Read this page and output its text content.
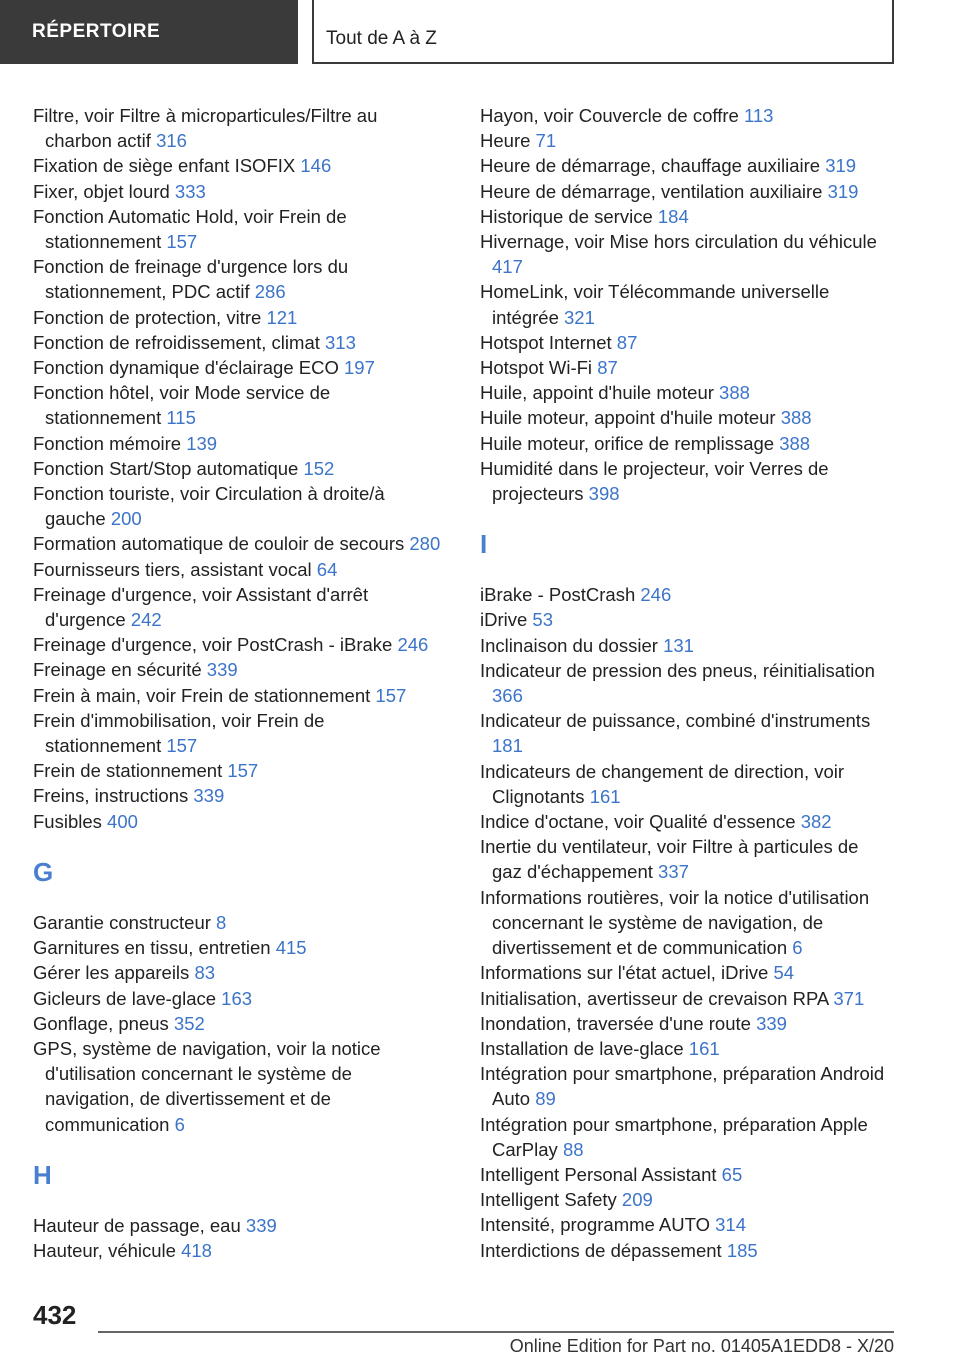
RÉPERTOIRE	Tout de A à Z

Filtre, voir Filtre à microparticules/Filtre au charbon actif 316

Fixation de siège enfant ISOFIX 146

Fixer, objet lourd 333

Fonction Automatic Hold, voir Frein de stationnement 157

Fonction de freinage d'urgence lors du stationnement, PDC actif 286

Fonction de protection, vitre 121

Fonction de refroidissement, climat 313

Fonction dynamique d'éclairage ECO 197

Fonction hôtel, voir Mode service de stationnement 115

Fonction mémoire 139

Fonction Start/Stop automatique 152

Fonction touriste, voir Circulation à droite/à gauche 200

Formation automatique de couloir de secours 280

Fournisseurs tiers, assistant vocal 64

Freinage d'urgence, voir Assistant d'arrêt d'urgence 242

Freinage d'urgence, voir PostCrash - iBrake 246

Freinage en sécurité 339

Frein à main, voir Frein de stationnement 157

Frein d'immobilisation, voir Frein de stationnement 157

Frein de stationnement 157

Freins, instructions 339

Fusibles 400

G

Garantie constructeur 8

Garnitures en tissu, entretien 415

Gérer les appareils 83

Gicleurs de lave-glace 163

Gonflage, pneus 352

GPS, système de navigation, voir la notice d'utilisation concernant le système de navigation, de divertissement et de communication 6

H

Hauteur de passage, eau 339

Hauteur, véhicule 418

Hayon, voir Couvercle de coffre 113

Heure 71

Heure de démarrage, chauffage auxiliaire 319

Heure de démarrage, ventilation auxiliaire 319

Historique de service 184

Hivernage, voir Mise hors circulation du véhicule 417

HomeLink, voir Télécommande universelle intégrée 321

Hotspot Internet 87

Hotspot Wi-Fi 87

Huile, appoint d'huile moteur 388

Huile moteur, appoint d'huile moteur 388

Huile moteur, orifice de remplissage 388

Humidité dans le projecteur, voir Verres de projecteurs 398

I

iBrake - PostCrash 246

iDrive 53

Inclinaison du dossier 131

Indicateur de pression des pneus, réinitialisation 366

Indicateur de puissance, combiné d'instruments 181

Indicateurs de changement de direction, voir Clignotants 161

Indice d'octane, voir Qualité d'essence 382

Inertie du ventilateur, voir Filtre à particules de gaz d'échappement 337

Informations routières, voir la notice d'utilisation concernant le système de navigation, de divertissement et de communication 6

Informations sur l'état actuel, iDrive 54

Initialisation, avertisseur de crevaison RPA 371

Inondation, traversée d'une route 339

Installation de lave-glace 161

Intégration pour smartphone, préparation Android Auto 89

Intégration pour smartphone, préparation Apple CarPlay 88

Intelligent Personal Assistant 65

Intelligent Safety 209

Intensité, programme AUTO 314

Interdictions de dépassement 185

432
Online Edition for Part no. 01405A1EDD8 - X/20
